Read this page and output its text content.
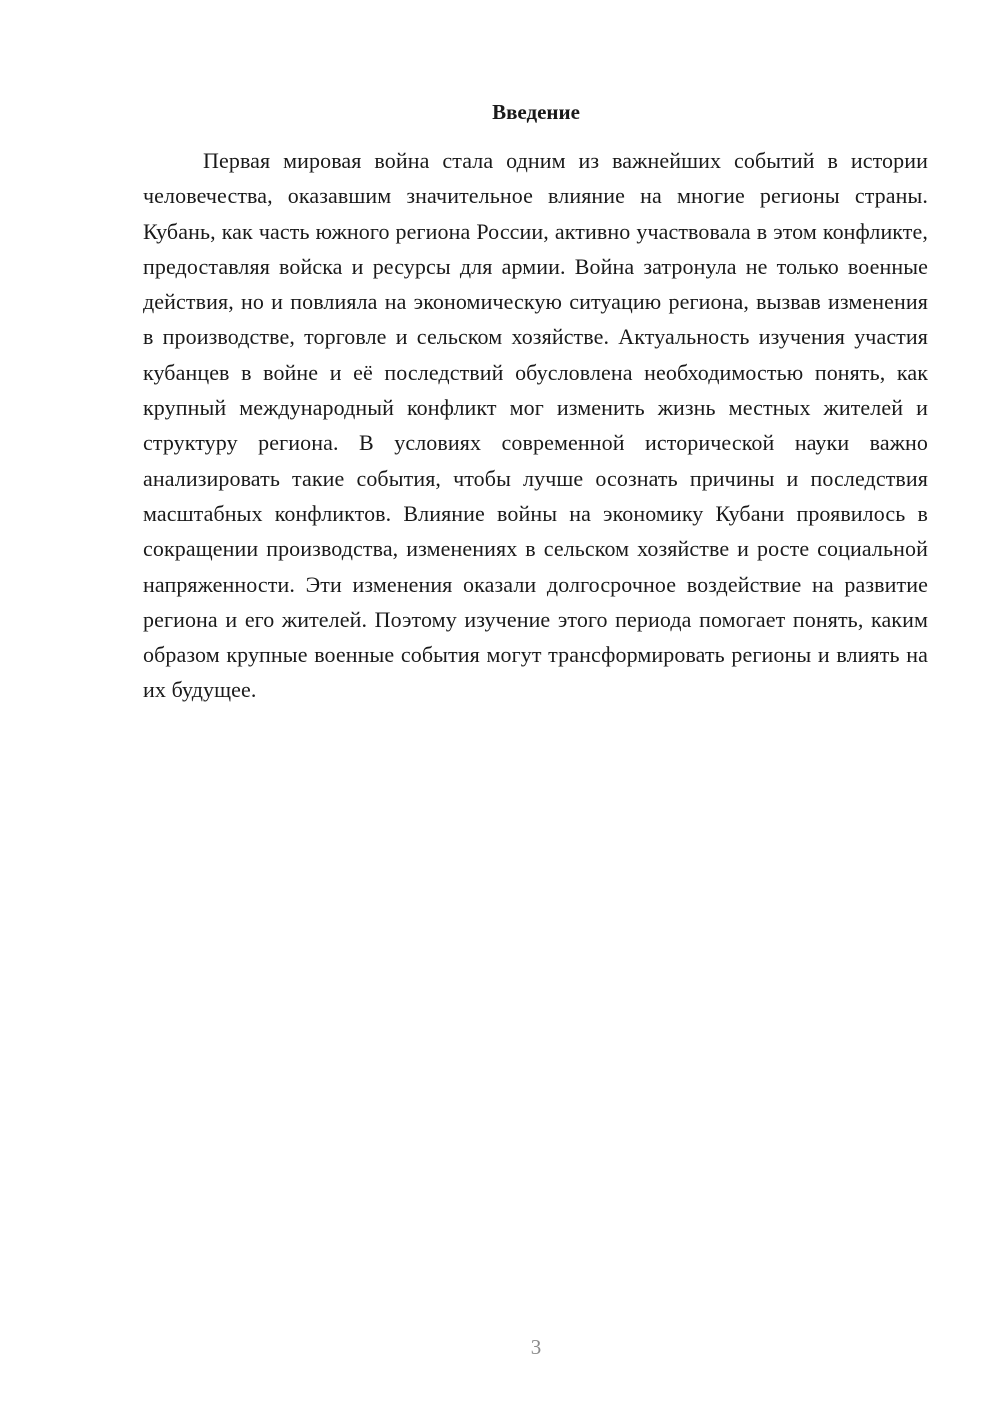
Введение

Первая мировая война стала одним из важнейших событий в истории человечества, оказавшим значительное влияние на многие регионы страны. Кубань, как часть южного региона России, активно участвовала в этом конфликте, предоставляя войска и ресурсы для армии. Война затронула не только военные действия, но и повлияла на экономическую ситуацию региона, вызвав изменения в производстве, торговле и сельском хозяйстве. Актуальность изучения участия кубанцев в войне и её последствий обусловлена необходимостью понять, как крупный международный конфликт мог изменить жизнь местных жителей и структуру региона. В условиях современной исторической науки важно анализировать такие события, чтобы лучше осознать причины и последствия масштабных конфликтов. Влияние войны на экономику Кубани проявилось в сокращении производства, изменениях в сельском хозяйстве и росте социальной напряженности. Эти изменения оказали долгосрочное воздействие на развитие региона и его жителей. Поэтому изучение этого периода помогает понять, каким образом крупные военные события могут трансформировать регионы и влиять на их будущее.

3
